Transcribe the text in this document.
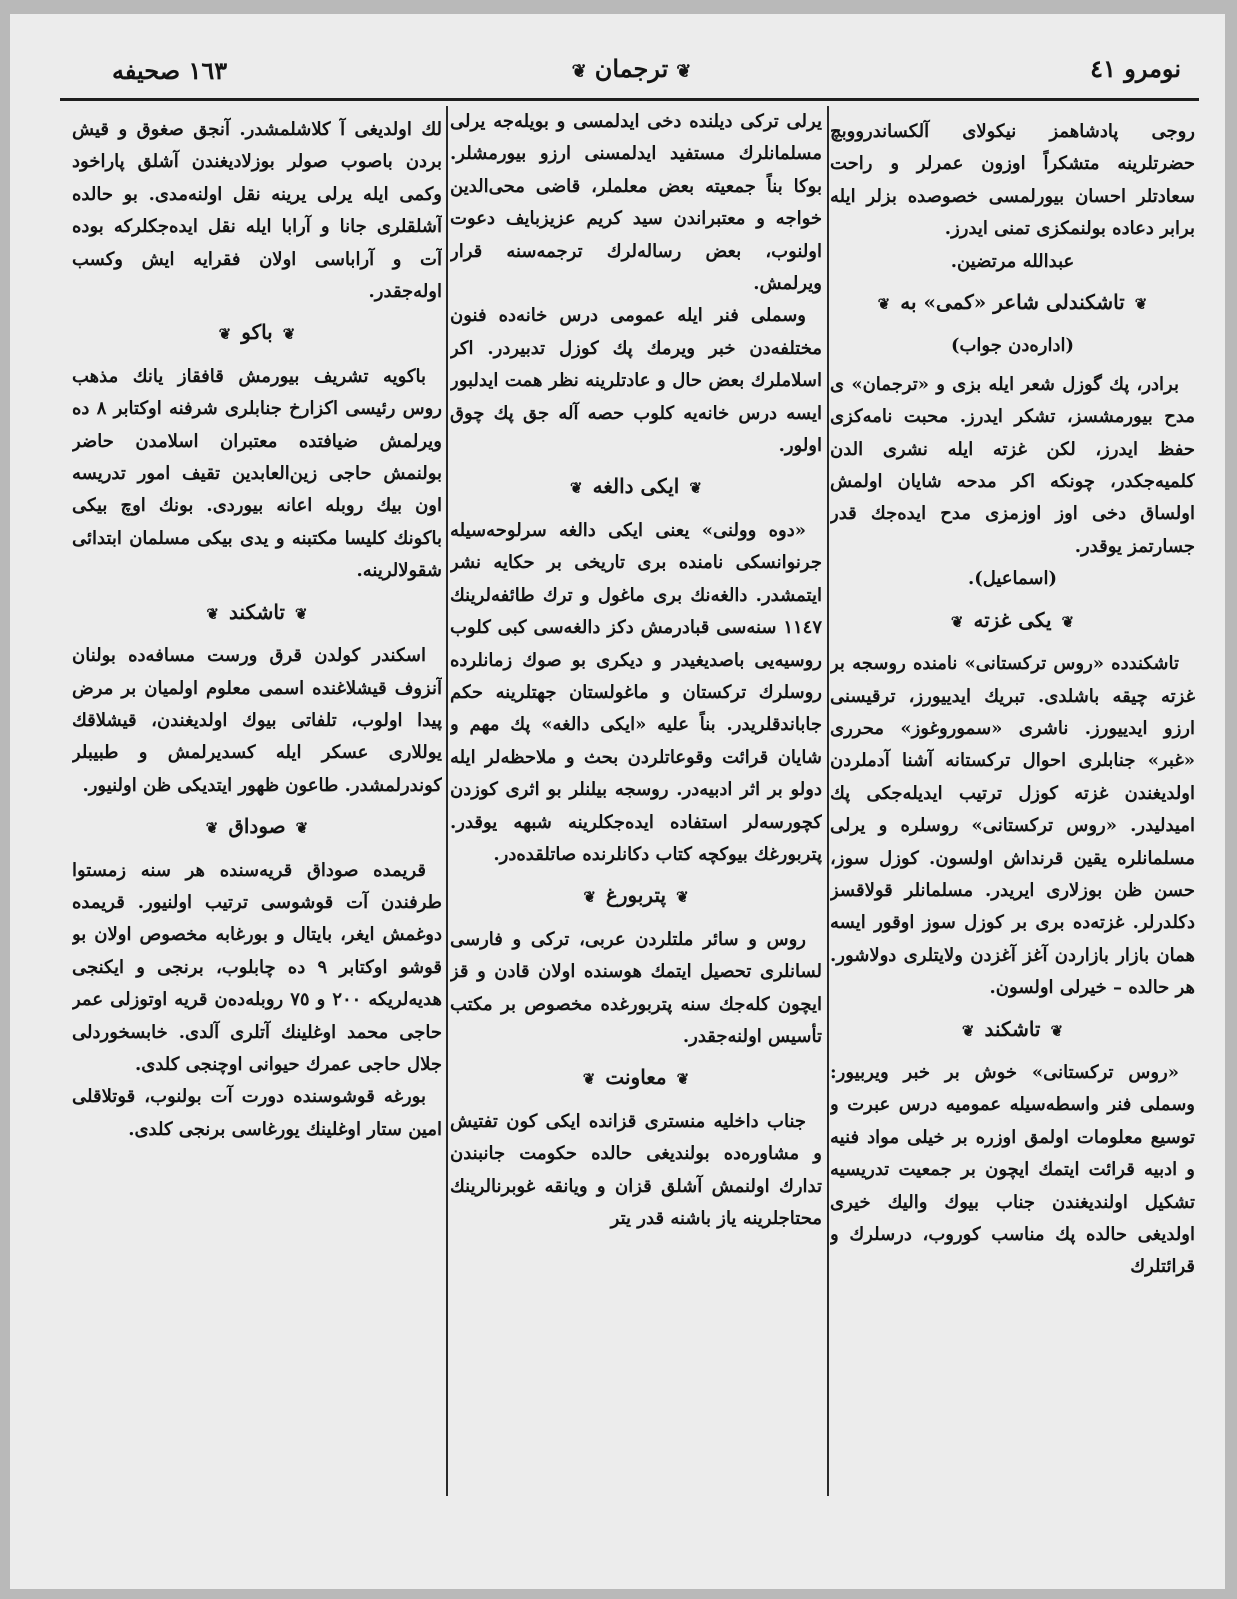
نومرو ٤١
❦ترجمان❦
١٦٣ صحيفه

روجی پادشاهمز نيكولای آلكساندرووبچ حضرتلرينه متشكراً اوزون عمرلر و راحت سعادتلر احسان بيورلمسی خصوصده بزلر ايله برابر دعاده بولنمكزی تمنی ايدرز.

عبدالله مرتضين.

❦تاشكندلی شاعر «كمی» به❦

(اداره‌دن جواب)

برادر، پك گوزل شعر ايله بزی و «ترجمان» ی مدح بيورمشسز، تشكر ايدرز. محبت نامه‌كزی حفظ ايدرز، لكن غزته ايله نشری الدن كلميه‌جكدر، چونكه اكر مدحه شايان اولمش اولساق دخی اوز اوزمزی مدح ايده‌جك قدر جسارتمز يوقدر.

(اسماعيل).

❦يكی غزته❦

تاشكندده «روس تركستانی» نامنده روسجه بر غزته چيقه باشلدی. تبريك ايدييورز، ترقيسنی ارزو ايدييورز. ناشری «سموروغوز» محرری «غبر» جنابلری احوال تركستانه آشنا آدملردن اولديغندن غزته كوزل ترتيب ايديله‌جكی پك اميدليدر. «روس تركستانی» روسلره و يرلی مسلمانلره يقين قرنداش اولسون. كوزل سوز، حسن ظن بوزلاری ايريدر. مسلمانلر قولاقسز دكلدرلر. غزته‌ده بری بر كوزل سوز اوقور ايسه همان بازار بازاردن آغز آغزدن ولايتلری دولاشور. هر حالده – خيرلی اولسون.

❦تاشكند❦

«روس تركستانی» خوش بر خبر ويربيور: وسملی فنر واسطه‌سيله عموميه درس عبرت و توسيع معلومات اولمق اوزره بر خيلی مواد فنيه و ادبيه قرائت ايتمك ايچون بر جمعيت تدريسيه تشكيل اولنديغندن جناب بيوك واليك خيری اولديغی حالده پك مناسب كوروب، درسلرك و قرائتلرك

يرلی تركی ديلنده دخی ايدلمسی و بويله‌جه يرلی مسلمانلرك مستفيد ايدلمسنی ارزو بيورمشلر. بوكا بناً جمعيته بعض معلملر، قاضی محی‌الدين خواجه و معتبراندن سيد كريم عزيزبايف دعوت اولنوب، بعض رساله‌لرك ترجمه‌سنه قرار ويرلمش.

وسملی فنر ايله عمومی درس خانه‌ده فنون مختلفه‌دن خبر ويرمك پك كوزل تدبيردر. اكر اسلاملرك بعض حال و عادتلرينه نظر همت ايدلبور ايسه درس خانه‌يه كلوب حصه آله جق پك چوق اولور.

❦ايكی دالغه❦

«دوه وولنی» يعنی ايكی دالغه سرلوحه‌سيله جرنوانسكی نامنده بری تاريخی بر حكايه نشر ايتمشدر. دالغه‌نك بری ماغول و ترك طائفه‌لرينك ١١٤٧ سنه‌سی قبادرمش دكز دالغه‌سی كبی كلوب روسيه‌يی باصديغيدر و ديكری بو صوك زمانلرده روسلرك تركستان و ماغولستان جهتلرينه حكم جاباندقلريدر. بناً عليه «ايكی دالغه» پك مهم و شايان قرائت وقوعاتلردن بحث و ملاحظه‌لر ايله دولو بر اثر ادبيه‌در. روسجه بيلنلر بو اثری كوزدن كچورسه‌لر استفاده ايده‌جكلرينه شبهه يوقدر. پتربورغك بيوكچه كتاب دكانلرنده صاتلقده‌در.

❦پتربورغ❦

روس و سائر ملتلردن عربی، تركی و فارسی لسانلری تحصيل ايتمك هوسنده اولان قادن و قز ايچون كله‌جك سنه پتربورغده مخصوص بر مكتب تأسيس اولنه‌جقدر.

❦معاونت❦

جناب داخليه منستری قزانده ايكی كون تفتيش و مشاوره‌ده بولنديغی حالده حكومت جانبندن تدارك اولنمش آشلق قزان و ويانقه غوبرنالرينك محتاجلرينه ياز باشنه قدر يتر

لك اولديغی آ كلاشلمشدر. آنجق صغوق و قيش بردن باصوب صولر بوزلاديغندن آشلق پاراخود وكمی ايله يرلی يرينه نقل اولنه‌مدی. بو حالده آشلقلری جانا و آرابا ايله نقل ايده‌جكلركه بوده آت و آراباسی اولان فقرايه ايش وكسب اوله‌جقدر.

❦باكو❦

باكويه تشريف بيورمش قافقاز يانك مذهب روس رئيسی اكزارخ جنابلری شرفنه اوكتابر ٨ ده ويرلمش ضيافتده معتبران اسلامدن حاضر بولنمش حاجی زين‌العابدين تقيف امور تدريسه اون بيك روبله اعانه بيوردی. بونك اوچ بيكی باكونك كليسا مكتبنه و يدی بيكی مسلمان ابتدائی شقولالرينه.

❦تاشكند❦

اسكندر كولدن قرق ورست مسافه‌ده بولنان آنزوف قيشلاغنده اسمی معلوم اولميان بر مرض پيدا اولوب، تلفاتی بيوك اولديغندن، قيشلاقك يوللاری عسكر ايله كسديرلمش و طبيبلر كوندرلمشدر. طاعون ظهور ايتديكی ظن اولنيور.

❦صوداق❦

قريمده صوداق قريه‌سنده هر سنه زمستوا طرفندن آت قوشوسی ترتيب اولنيور. قريمده دوغمش ايغر، بايتال و بورغابه مخصوص اولان بو قوشو اوكتابر ٩ ده چابلوب، برنجی و ايكنجی هديه‌لريكه ٢٠٠ و ٧٥ روبله‌ده‌ن قريه اوتوزلی عمر حاجی محمد اوغلينك آتلری آلدی. خابسخوردلی جلال حاجی عمرك حيوانی اوچنجی كلدی.

بورغه قوشوسنده دورت آت بولنوب، قوتلاقلی امين ستار اوغلينك يورغاسی برنجی كلدی.
